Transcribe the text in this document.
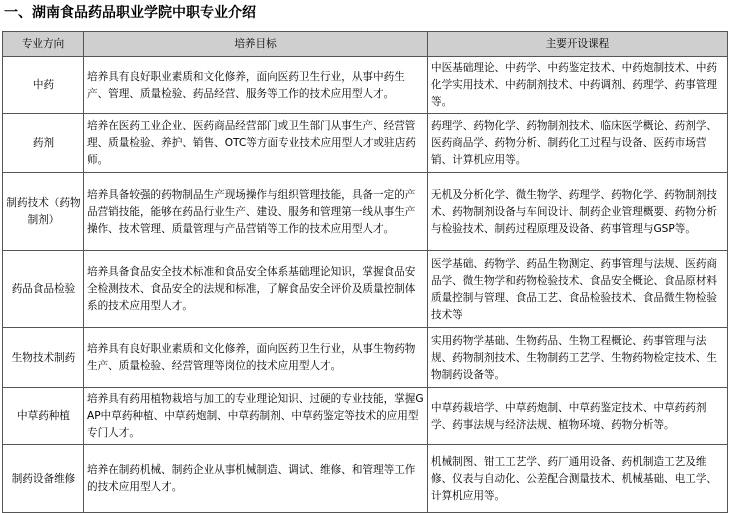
一、湖南食品药品职业学院中职专业介绍
专业方向	培养目标	主要开设课程
中药	培养具有良好职业素质和文化修养，面向医药卫生行业，从事中药生产、管理、质量检验、药品经营、服务等工作的技术应用型人才。	中医基础理论、中药学、中药鉴定技术、中药炮制技术、中药化学实用技术、中药制剂技术、中药调剂、药理学、药事管理等。
药剂	培养在医药工业企业、医药商品经营部门或卫生部门从事生产、经营管理、质量检验、养护、销售、OTC等方面专业技术应用型人才或驻店药师。	药理学、药物化学、药物制剂技术、临床医学概论、药剂学、医药商品学、药物分析、制药化工过程与设备、医药市场营销、计算机应用等。
制药技术（药物制剂）	培养具备较强的药物制品生产现场操作与组织管理技能，具备一定的产品营销技能，能够在药品行业生产、建设、服务和管理第一线从事生产操作、技术管理、质量管理与产品营销等工作的技术应用型人才。	无机及分析化学、微生物学、药理学、药物化学、药物制剂技术、药物制剂设备与车间设计、制药企业管理概要、药物分析与检验技术、制药过程原理及设备、药事管理与GSP等。
药品食品检验	培养具备食品安全技术标准和食品安全体系基础理论知识，掌握食品安全检测技术、食品安全的法规和标准，了解食品安全评价及质量控制体系的技术应用型人才。	医学基础、药物学、药品生物测定、药事管理与法规、医药商品学、微生物学和药物检验技术、食品安全概论、食品原材料质量控制与管理、食品工艺、食品检验技术、食品微生物检验技术等
生物技术制药	培养具有良好职业素质和文化修养，面向医药卫生行业，从事生物药物生产、质量检验、经营管理等岗位的技术应用型人才。	实用药物学基础、生物药品、生物工程概论、药事管理与法规、药物制剂技术、生物制药工艺学、生物药物检定技术、生物制药设备等。
中草药种植	培养具有药用植物栽培与加工的专业理论知识、过硬的专业技能，掌握GAP中草药种植、中草药炮制、中草药制剂、中草药鉴定等技术的应用型专门人才。	中草药栽培学、中草药炮制、中草药鉴定技术、中草药药剂学、药事法规与经济法规、植物环境、药物分析等。
制药设备维修	培养在制药机械、制药企业从事机械制造、调试、维修、和管理等工作的技术应用型人才。	机械制图、钳工工艺学、药厂通用设备、药机制造工艺及维修、仪表与自动化、公差配合测量技术、机械基础、电工学、计算机应用等。
